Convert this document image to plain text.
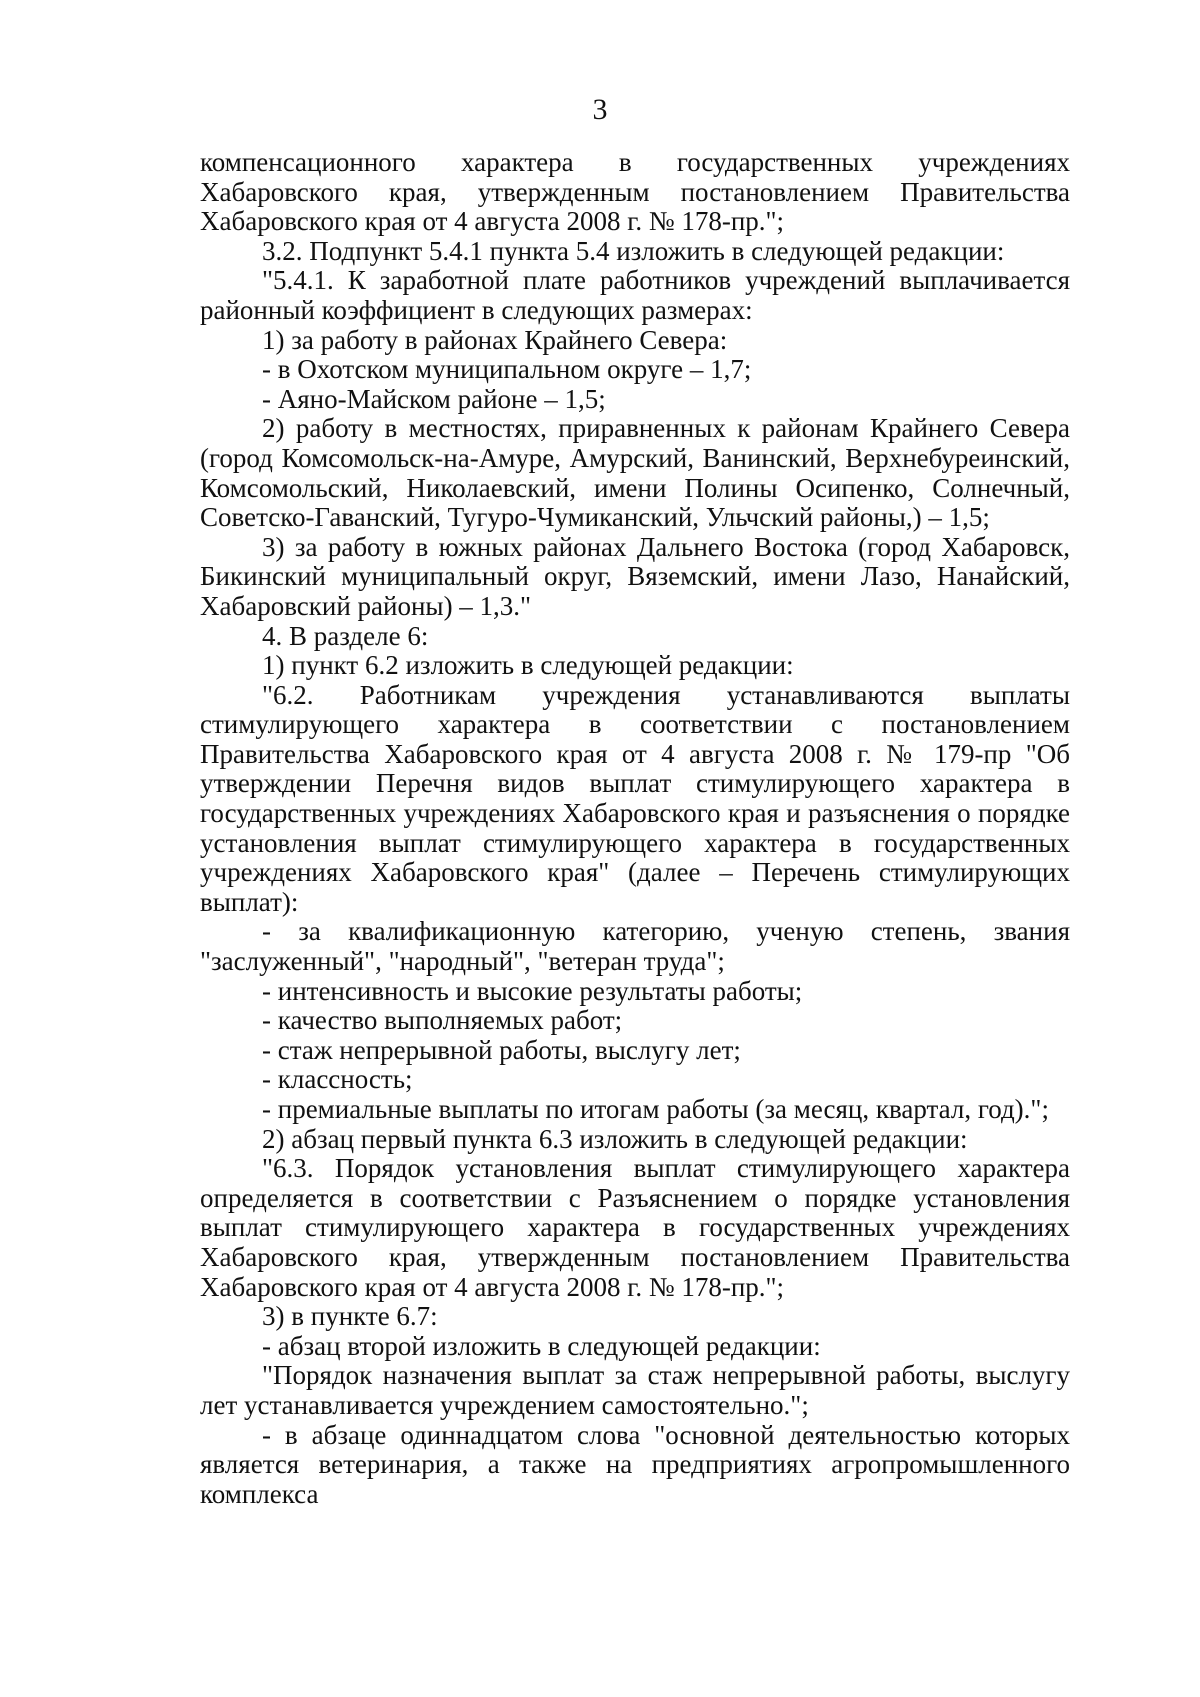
3

компенсационного характера в государственных учреждениях Хабаровского края, утвержденным постановлением Правительства Хабаровского края от 4 августа 2008 г. № 178-пр.";

3.2. Подпункт 5.4.1 пункта 5.4 изложить в следующей редакции:

"5.4.1. К заработной плате работников учреждений выплачивается районный коэффициент в следующих размерах:

1) за работу в районах Крайнего Севера:

- в Охотском муниципальном округе – 1,7;

- Аяно-Майском районе – 1,5;

2) работу в местностях, приравненных к районам Крайнего Севера (город Комсомольск-на-Амуре, Амурский, Ванинский, Верхнебуреинский, Комсомольский, Николаевский, имени Полины Осипенко, Солнечный, Советско-Гаванский, Тугуро-Чумиканский, Ульчский районы,) – 1,5;

3) за работу в южных районах Дальнего Востока (город Хабаровск, Бикинский муниципальный округ, Вяземский, имени Лазо, Нанайский, Хабаровский районы) – 1,3."

4. В разделе 6:

1) пункт 6.2 изложить в следующей редакции:

"6.2. Работникам учреждения устанавливаются выплаты стимулирующего характера в соответствии с постановлением Правительства Хабаровского края от 4 августа 2008 г. № 179-пр "Об утверждении Перечня видов выплат стимулирующего характера в государственных учреждениях Хабаровского края и разъяснения о порядке установления выплат стимулирующего характера в государственных учреждениях Хабаровского края" (далее – Перечень стимулирующих выплат):

- за квалификационную категорию, ученую степень, звания "заслуженный", "народный", "ветеран труда";

- интенсивность и высокие результаты работы;

- качество выполняемых работ;

- стаж непрерывной работы, выслугу лет;

- классность;

- премиальные выплаты по итогам работы (за месяц, квартал, год).";

2) абзац первый пункта 6.3 изложить в следующей редакции:

"6.3. Порядок установления выплат стимулирующего характера определяется в соответствии с Разъяснением о порядке установления выплат стимулирующего характера в государственных учреждениях Хабаровского края, утвержденным постановлением Правительства Хабаровского края от 4 августа 2008 г. № 178-пр.";

3) в пункте 6.7:

- абзац второй изложить в следующей редакции:

"Порядок назначения выплат за стаж непрерывной работы, выслугу лет устанавливается учреждением самостоятельно.";

- в абзаце одиннадцатом слова "основной деятельностью которых является ветеринария, а также на предприятиях агропромышленного комплекса
